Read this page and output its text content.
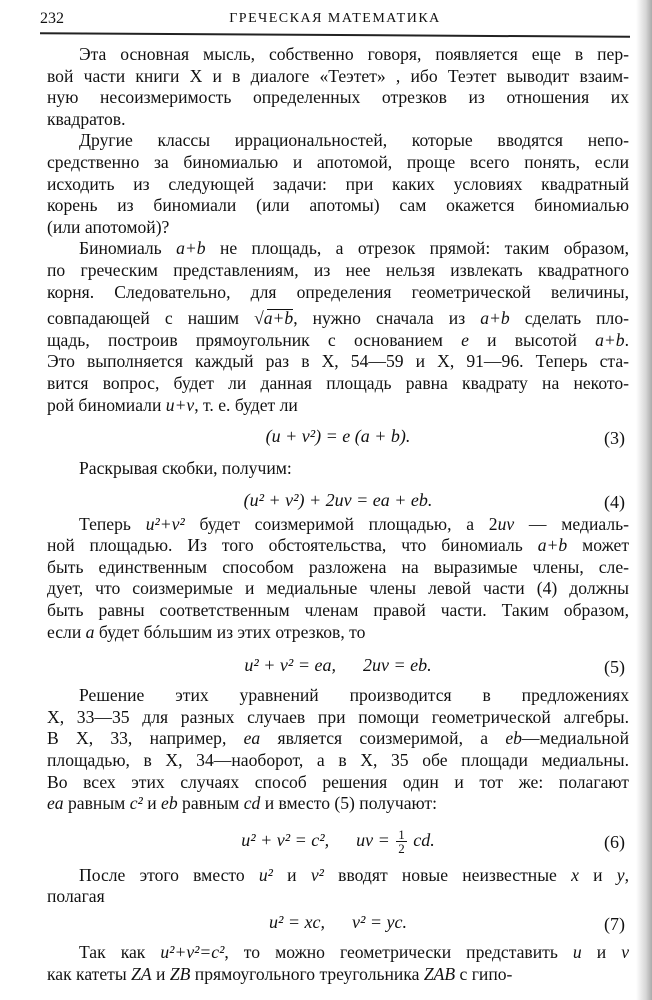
232	ГРЕЧЕСКАЯ МАТЕМАТИКА
Эта основная мысль, собственно говоря, появляется еще в пер-
вой части книги X и в диалоге «Теэтет» , ибо Теэтет выводит взаим-
ную несоизмеримость определенных отрезков из отношения их
квадратов.
Другие классы иррациональностей, которые вводятся непо-
средственно за биномиалью и апотомой, проще всего понять, если
исходить из следующей задачи: при каких условиях квадратный
корень из биномиали (или апотомы) сам окажется биномиалью
(или апотомой)?
Биномиаль a+b не площадь, а отрезок прямой: таким образом,
по греческим представлениям, из нее нельзя извлекать квадратного
корня. Следовательно, для определения геометрической величины,
совпадающей с нашим √a+b, нужно сначала из a+b сделать пло-
щадь, построив прямоугольник с основанием e и высотой a+b.
Это выполняется каждый раз в X, 54—59 и X, 91—96. Теперь ста-
вится вопрос, будет ли данная площадь равна квадрату на некото-
рой биномиали u+v, т. е. будет ли
(u + v²) = e (a + b).	(3)
Раскрывая скобки, получим:
(u² + v²) + 2uv = ea + eb.	(4)
Теперь u²+v² будет соизмеримой площадью, а 2uv — медиаль-
ной площадью. Из того обстоятельства, что биномиаль a+b может
быть единственным способом разложена на выразимые члены, сле-
дует, что соизмеримые и медиальные члены левой части (4) должны
быть равны соответственным членам правой части. Таким образом,
если a будет бóльшим из этих отрезков, то
u² + v² = ea,      2uv = eb.	(5)
Решение этих уравнений производится в предложениях
X, 33—35 для разных случаев при помощи геометрической алгебры.
В X, 33, например, ea является соизмеримой, а eb—медиальной
площадью, в X, 34—наоборот, а в X, 35 обе площади медиальны.
Во всех этих случаях способ решения один и тот же: полагают
ea равным c² и eb равным cd и вместо (5) получают:
u² + v² = c²,      uv = $\frac{1}{2}$ cd.	(6)
После этого вместо u² и v² вводят новые неизвестные x и y,
полагая
u² = xc,      v² = yc.	(7)
Так как u²+v²=c², то можно геометрически представить u и v
как катеты ZA и ZB прямоугольного треугольника ZAB с гипо-
